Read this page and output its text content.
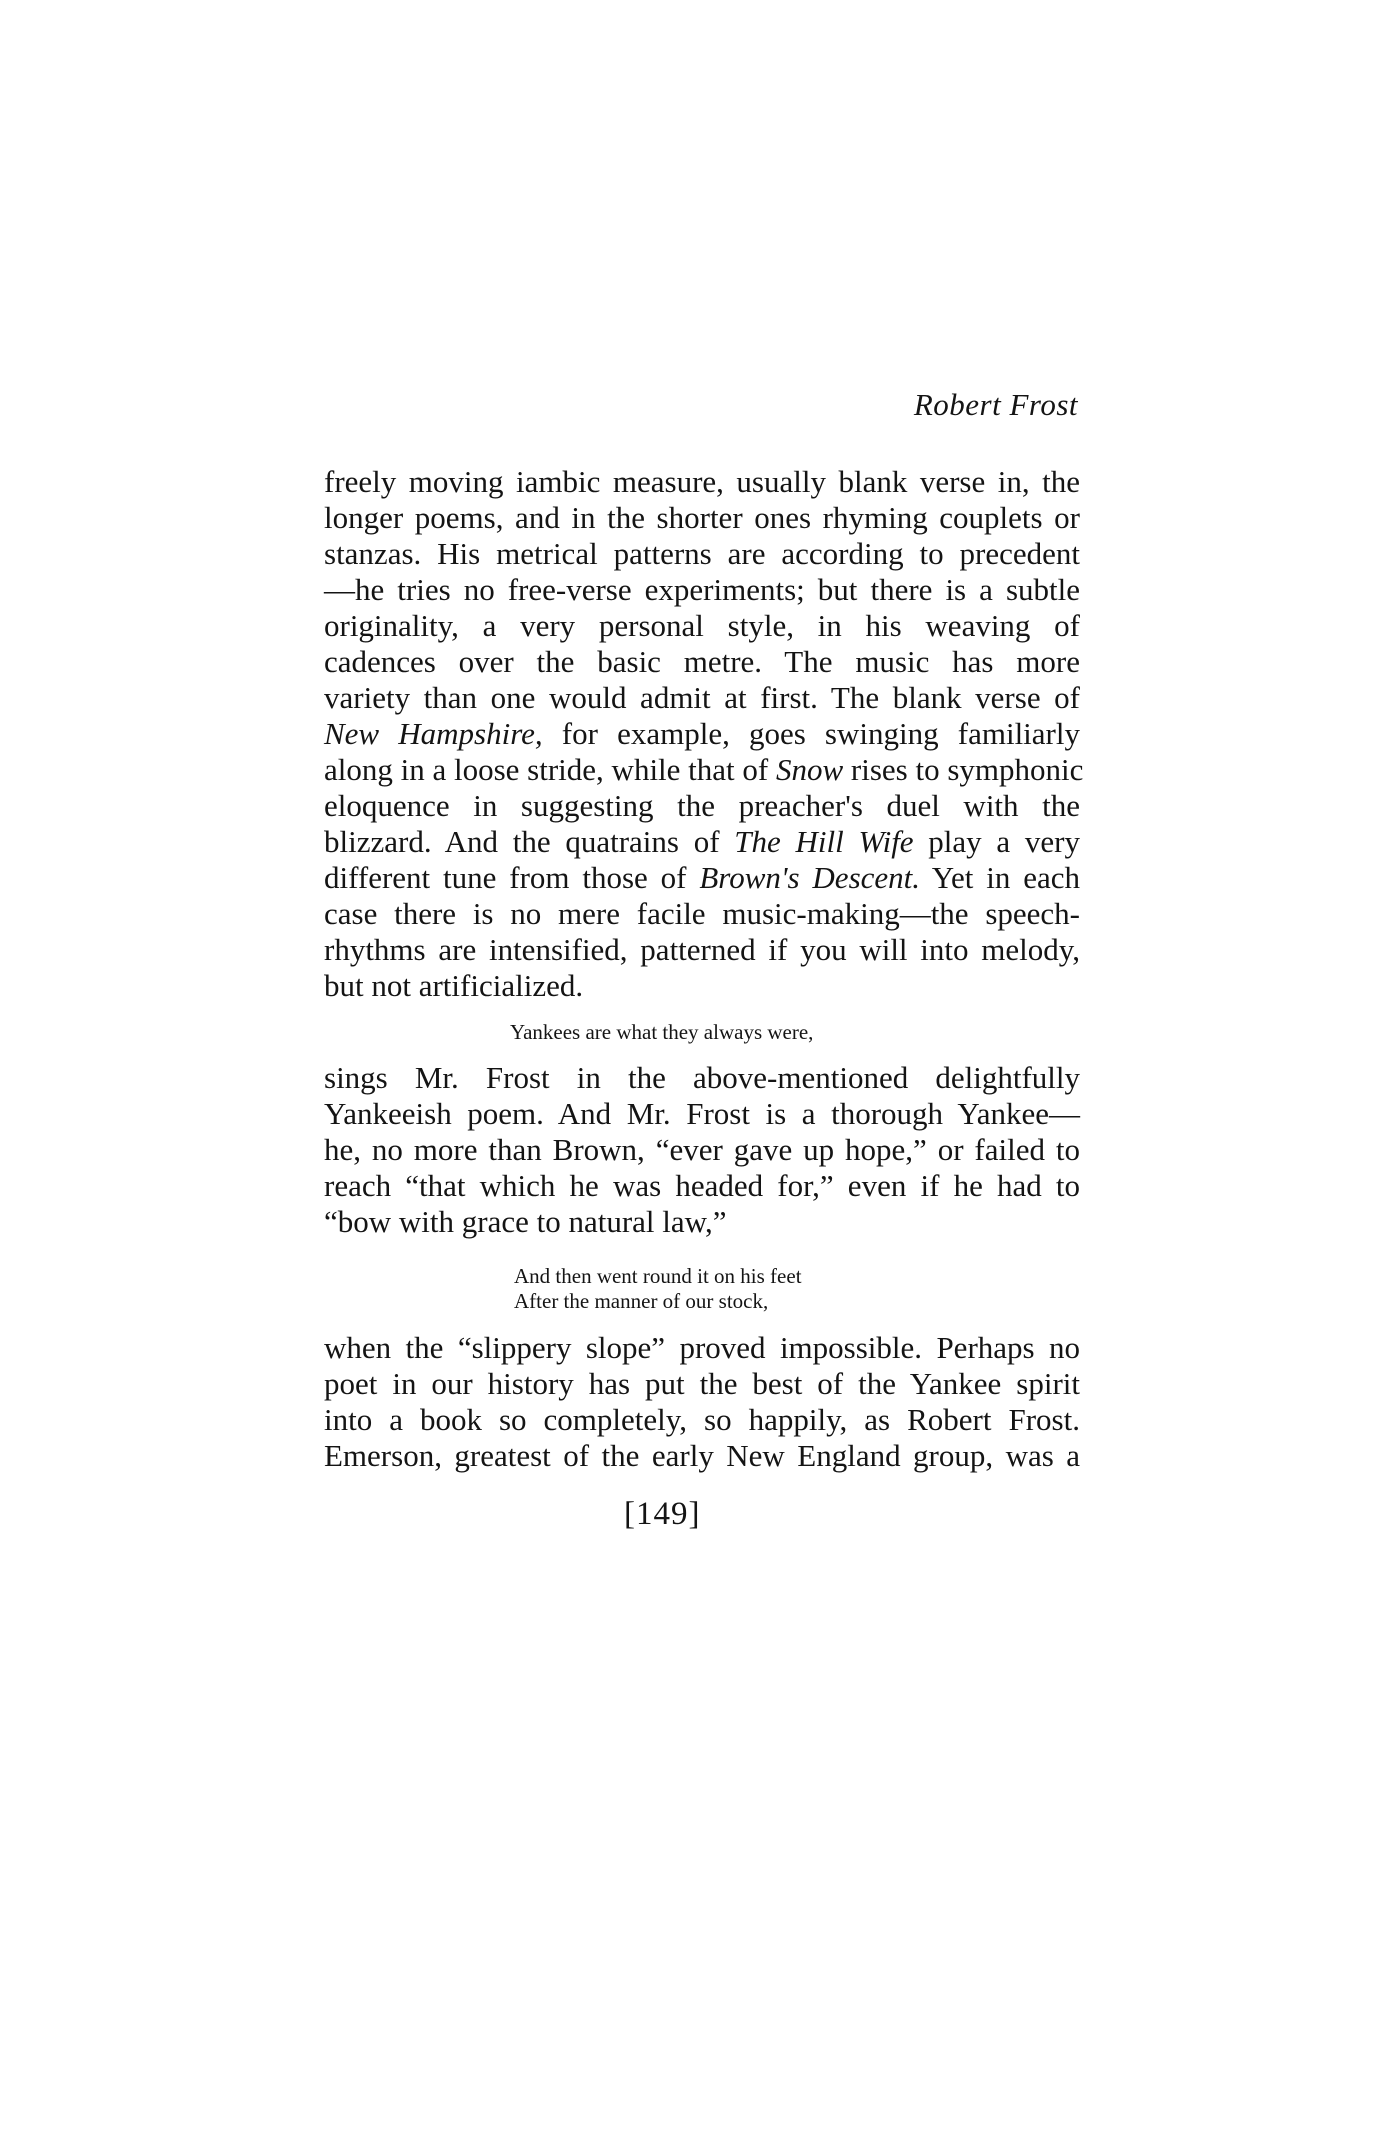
Robert Frost
freely moving iambic measure, usually blank verse in, the
longer poems, and in the shorter ones rhyming couplets or
stanzas. His metrical patterns are according to precedent
—he tries no free-verse experiments; but there is a subtle
originality, a very personal style, in his weaving of
cadences over the basic metre. The music has more
variety than one would admit at first. The blank verse of
New Hampshire, for example, goes swinging familiarly
along in a loose stride, while that of Snow rises to symphonic
eloquence in suggesting the preacher's duel with the
blizzard. And the quatrains of The Hill Wife play a very
different tune from those of Brown's Descent. Yet in each
case there is no mere facile music-making—the speech-
rhythms are intensified, patterned if you will into melody,
but not artificialized.
Yankees are what they always were,
sings Mr. Frost in the above-mentioned delightfully
Yankeeish poem. And Mr. Frost is a thorough Yankee—
he, no more than Brown, “ever gave up hope,” or failed to
reach “that which he was headed for,” even if he had to
“bow with grace to natural law,”
And then went round it on his feet
After the manner of our stock,
when the “slippery slope” proved impossible. Perhaps no
poet in our history has put the best of the Yankee spirit
into a book so completely, so happily, as Robert Frost.
Emerson, greatest of the early New England group, was a
[149]
